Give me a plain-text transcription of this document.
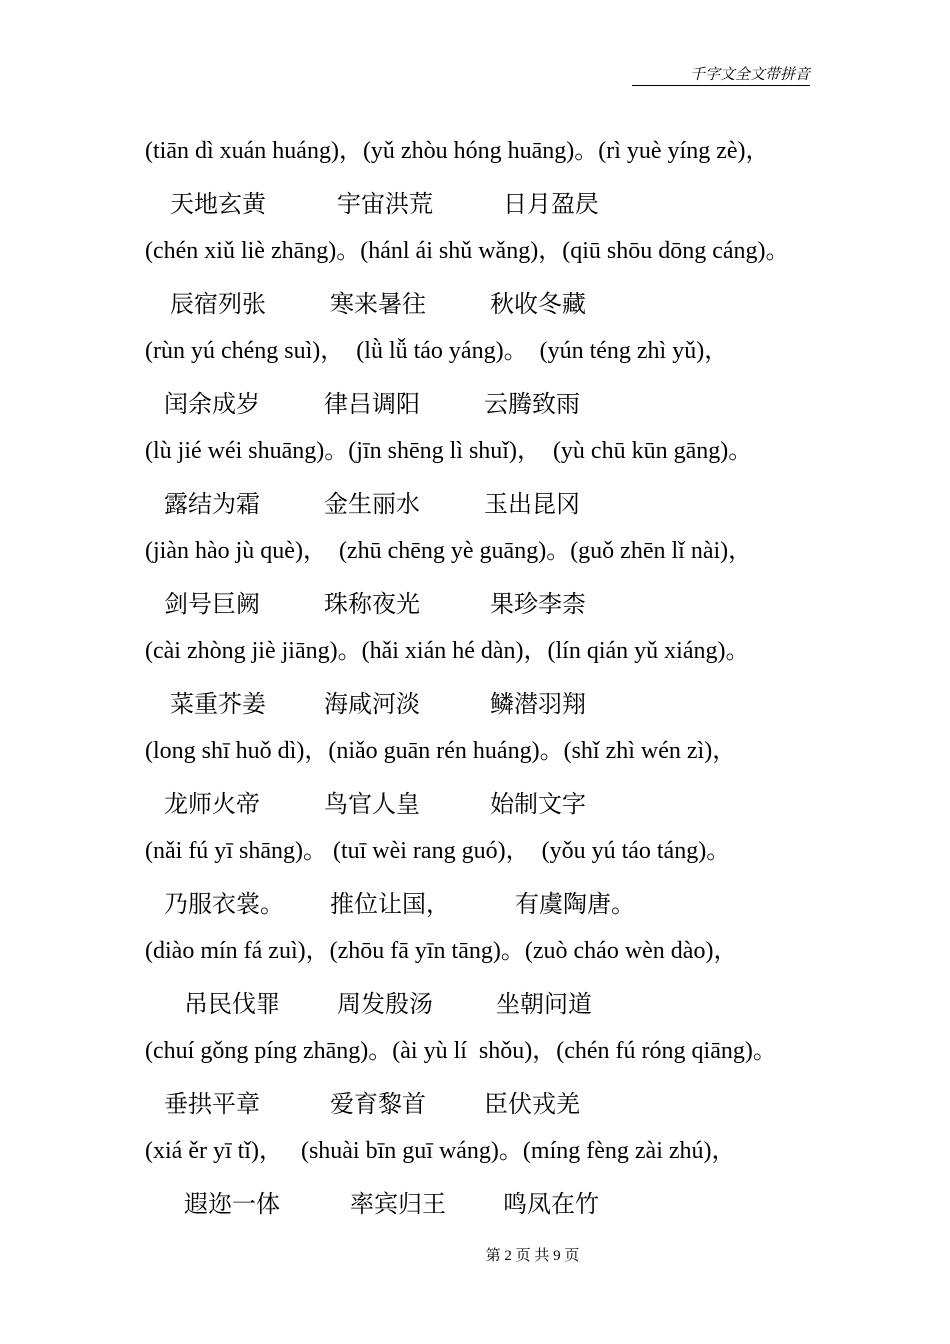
千字文全文带拼音
(tiān dì xuán huáng)，(yǔ zhòu hóng huāng)。(rì yuè yíng zè)，
天地玄黄	宇宙洪荒	日月盈昃
(chén xiǔ liè zhāng)。(hánl ái shǔ wǎng)，(qiū shōu dōng cáng)。
辰宿列张	寒来暑往	秋收冬藏
(rùn yú chéng suì)，  (lǜ lǚ táo yáng)。  (yún téng zhì yǔ)，
闰余成岁	律吕调阳	云腾致雨
(lù jié wéi shuāng)。(jīn shēng lì shuǐ)，  (yù chū kūn gāng)。
露结为霜	金生丽水	玉出昆冈
(jiàn hào jù què)，  (zhū chēng yè guāng)。(guǒ zhēn lǐ nài)，
剑号巨阙	珠称夜光	果珍李柰
(cài zhòng jiè jiāng)。(hǎi xián hé dàn)，(lín qián yǔ xiáng)。
菜重芥姜 海咸河淡	鳞潜羽翔
(long shī huǒ dì)，(niǎo guān rén huáng)。(shǐ zhì wén zì)，
龙师火帝	鸟官人皇	始制文字
(nǎi fú yī shāng)。 (tuī wèi rang guó)，  (yǒu yú táo táng)。
乃服衣裳。 推位让国，	有虞陶唐。
(diào mín fá zuì)，(zhōu fā yīn tāng)。(zuò cháo wèn dào)，
吊民伐罪 周发殷汤	坐朝问道
(chuí gǒng píng zhāng)。(ài yù lí  shǒu)，(chén fú róng qiāng)。
垂拱平章	爱育黎首 臣伏戎羌
(xiá ěr yī tǐ)，   (shuài bīn guī wáng)。(míng fèng zài zhú)，
遐迩一体	率宾归王 鸣凤在竹
第 2 页 共 9 页
